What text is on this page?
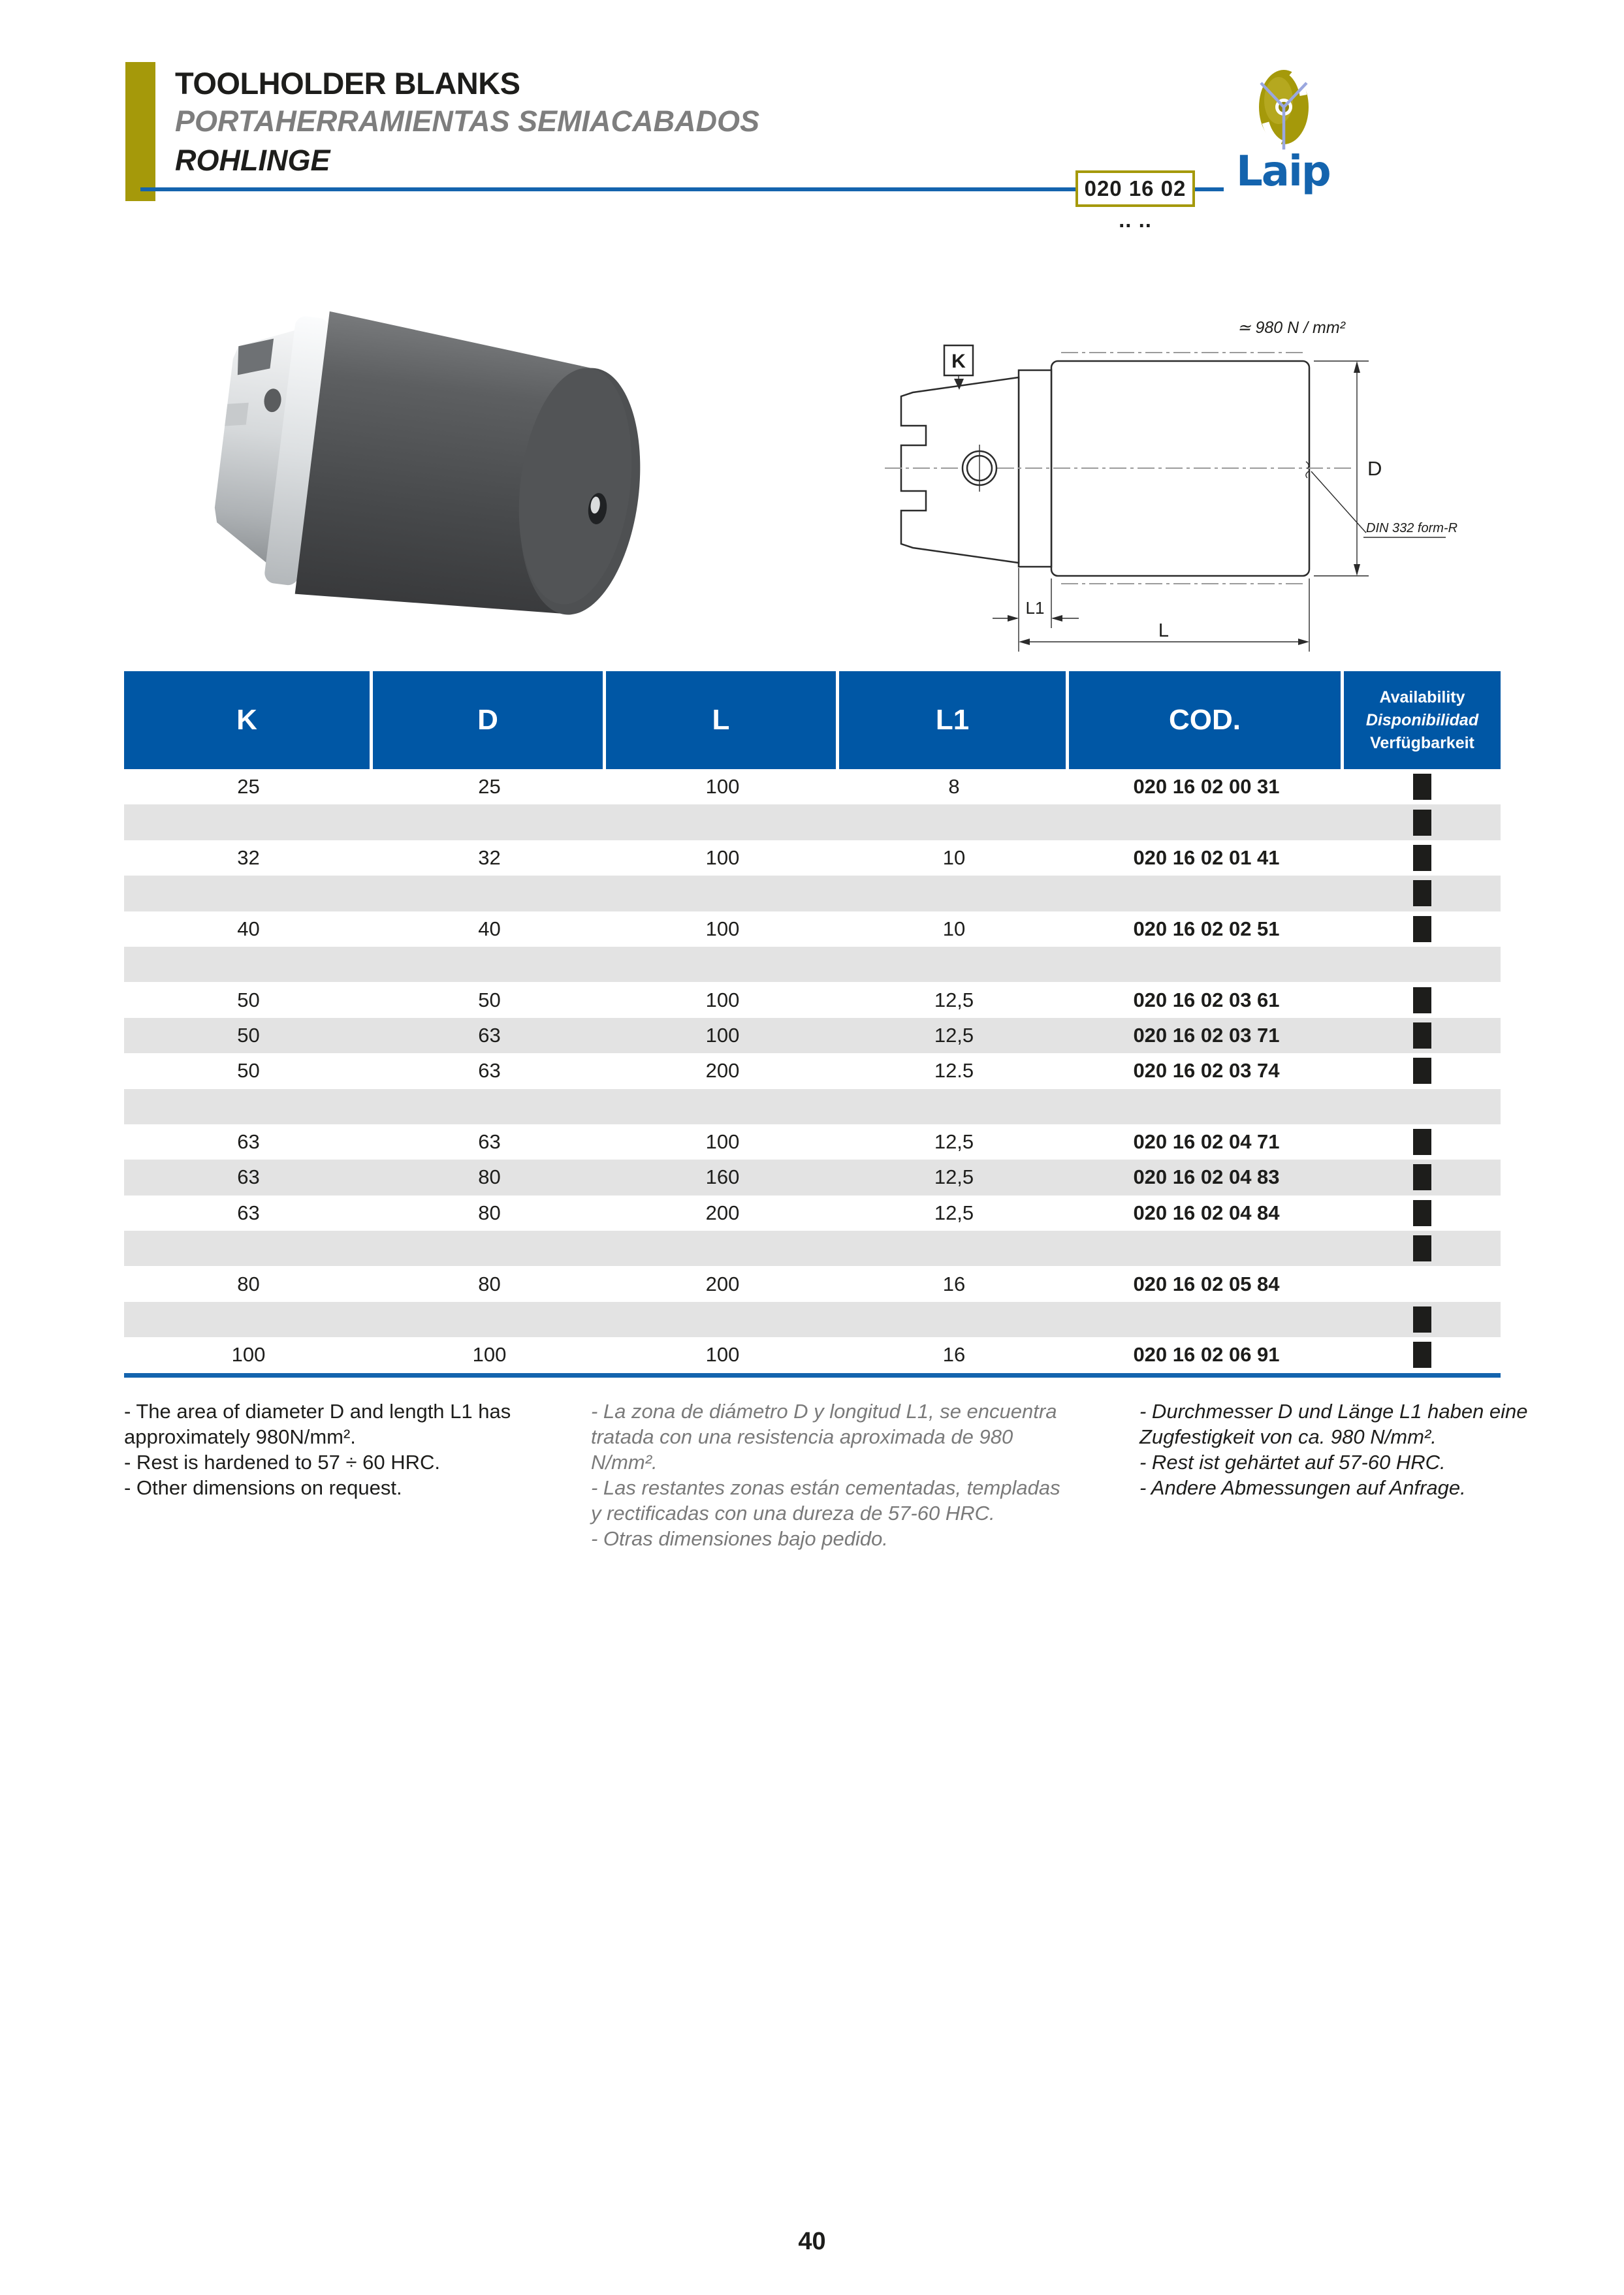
TOOLHOLDER BLANKS
PORTAHERRAMIENTAS SEMIACABADOS
ROHLINGE
020 16 02 .. ..
Laip
K
≃ 980 N / mm²
D
DIN 332 form-R
L1
L
K	D	L	L1	COD.
Availability
Disponibilidad
Verfügbarkeit
25	25	100	8	020 16 02 00 31
32	32	100	10	020 16 02 01 41
40	40	100	10	020 16 02 02 51
50	50	100	12,5	020 16 02 03 61
50	63	100	12,5	020 16 02 03 71
50	63	200	12.5	020 16 02 03 74
63	63	100	12,5	020 16 02 04 71
63	80	160	12,5	020 16 02 04 83
63	80	200	12,5	020 16 02 04 84
80	80	200	16	020 16 02 05 84
100	100	100	16	020 16 02 06 91
- The area of diameter D and length L1 has
approximately 980N/mm².
- Rest is hardened to 57 ÷ 60 HRC.
- Other dimensions on request.
- La zona de diámetro D y longitud L1, se encuentra
tratada con una resistencia aproximada de 980 N/mm².
- Las restantes zonas están cementadas, templadas
y rectificadas con una dureza de 57-60 HRC.
- Otras dimensiones bajo pedido.
- Durchmesser D und Länge L1 haben eine
Zugfestigkeit von ca. 980 N/mm².
- Rest ist gehärtet auf 57-60 HRC.
- Andere Abmessungen auf Anfrage.
40
